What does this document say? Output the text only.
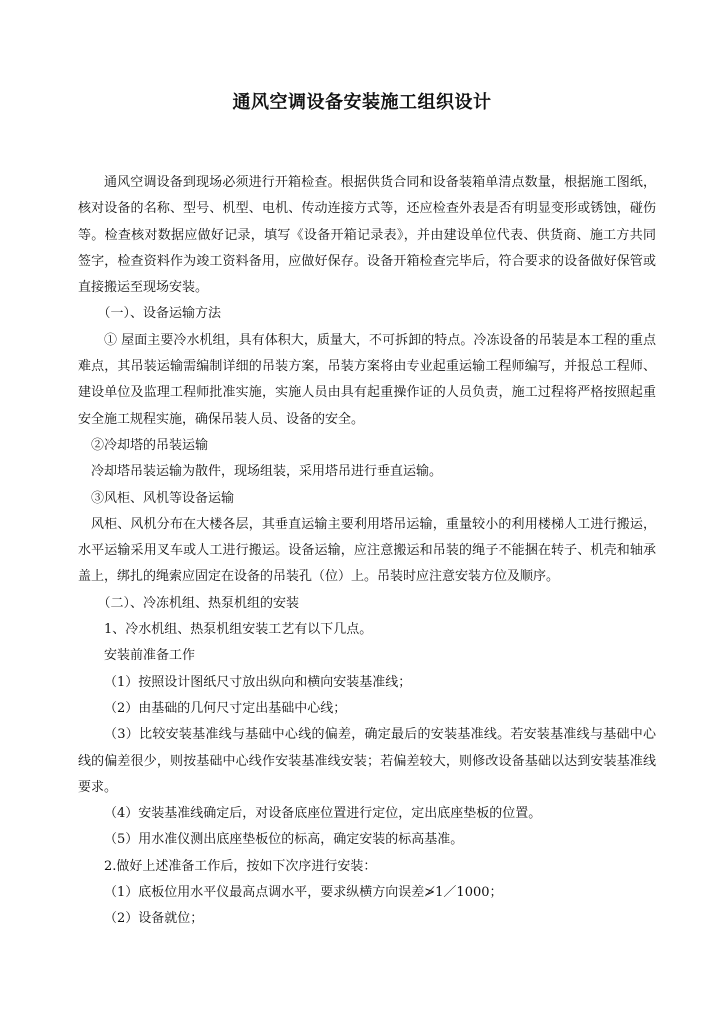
通风空调设备安装施工组织设计

通风空调设备到现场必须进行开箱检查。根据供货合同和设备装箱单清点数量，根据施工图纸，核对设备的名称、型号、机型、电机、传动连接方式等，还应检查外表是否有明显变形或锈蚀，碰伤等。检查核对数据应做好记录，填写《设备开箱记录表》，并由建设单位代表、供货商、施工方共同签字，检查资料作为竣工资料备用，应做好保存。设备开箱检查完毕后，符合要求的设备做好保管或直接搬运至现场安装。

（一）、设备运输方法

① 屋面主要冷水机组，具有体积大，质量大，不可拆卸的特点。冷冻设备的吊装是本工程的重点难点，其吊装运输需编制详细的吊装方案，吊装方案将由专业起重运输工程师编写，并报总工程师、建设单位及监理工程师批准实施，实施人员由具有起重操作证的人员负责，施工过程将严格按照起重安全施工规程实施，确保吊装人员、设备的安全。

②冷却塔的吊装运输

冷却塔吊装运输为散件，现场组装，采用塔吊进行垂直运输。

③风柜、风机等设备运输

风柜、风机分布在大楼各层，其垂直运输主要利用塔吊运输，重量较小的利用楼梯人工进行搬运，水平运输采用叉车或人工进行搬运。设备运输，应注意搬运和吊装的绳子不能捆在转子、机壳和轴承盖上，绑扎的绳索应固定在设备的吊装孔（位）上。吊装时应注意安装方位及顺序。

（二）、冷冻机组、热泵机组的安装

1、冷水机组、热泵机组安装工艺有以下几点。

安装前准备工作

（1）按照设计图纸尺寸放出纵向和横向安装基准线；

（2）由基础的几何尺寸定出基础中心线；

（3）比较安装基准线与基础中心线的偏差，确定最后的安装基准线。若安装基准线与基础中心线的偏差很少，则按基础中心线作安装基准线安装；若偏差较大，则修改设备基础以达到安装基准线要求。

（4）安装基准线确定后，对设备底座位置进行定位，定出底座垫板的位置。

（5）用水准仪测出底座垫板位的标高，确定安装的标高基准。

2.做好上述准备工作后，按如下次序进行安装：

（1）底板位用水平仪最高点调水平，要求纵横方向误差≯1／1000；

（2）设备就位；
